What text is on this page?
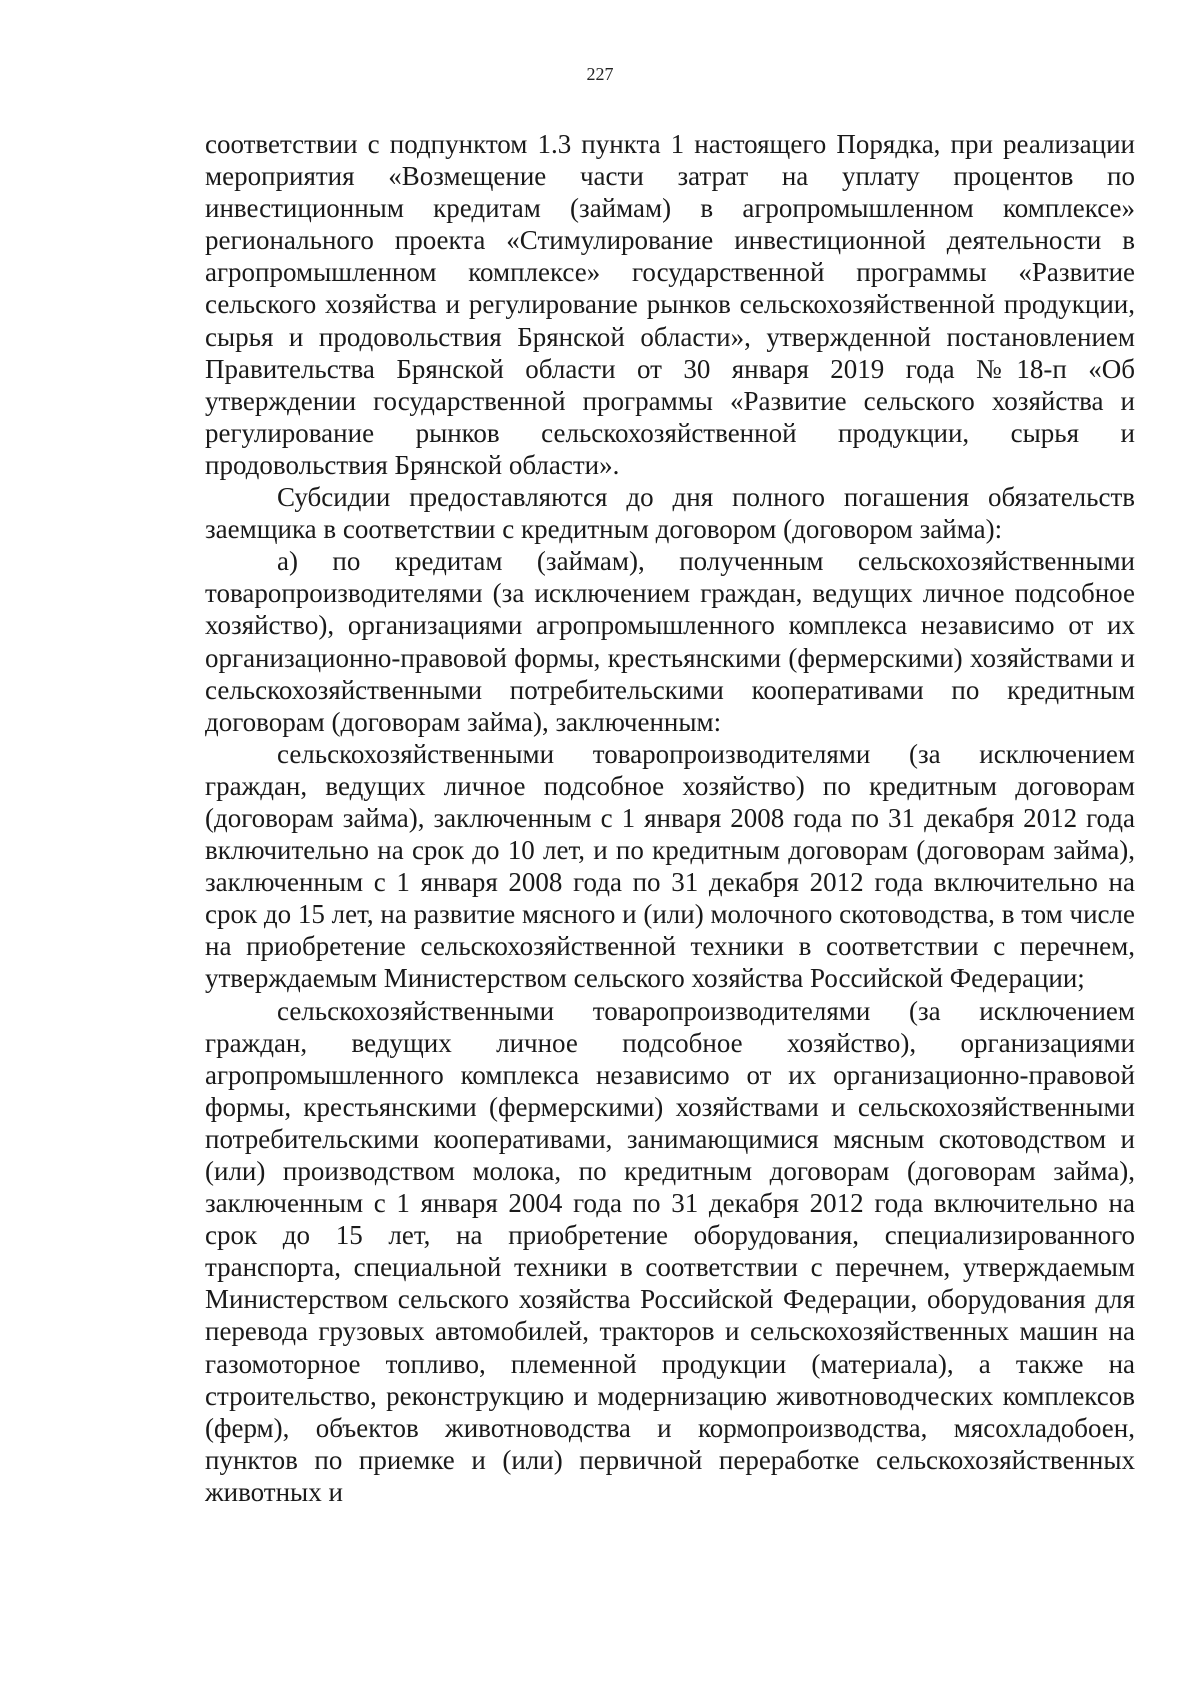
227

соответствии с подпунктом 1.3 пункта 1 настоящего Порядка, при реализации мероприятия «Возмещение части затрат на уплату процентов по инвестиционным кредитам (займам) в агропромышленном комплексе» регионального проекта «Стимулирование инвестиционной деятельности в агропромышленном комплексе» государственной программы «Развитие сельского хозяйства и регулирование рынков сельскохозяйственной продукции, сырья и продовольствия Брянской области», утвержденной постановлением Правительства Брянской области от 30 января 2019 года №18-п «Об утверждении государственной программы «Развитие сельского хозяйства и регулирование рынков сельскохозяйственной продукции, сырья и продовольствия Брянской области».

Субсидии предоставляются до дня полного погашения обязательств заемщика в соответствии с кредитным договором (договором займа):

а) по кредитам (займам), полученным сельскохозяйственными товаропроизводителями (за исключением граждан, ведущих личное подсобное хозяйство), организациями агропромышленного комплекса независимо от их организационно-правовой формы, крестьянскими (фермерскими) хозяйствами и сельскохозяйственными потребительскими кооперативами по кредитным договорам (договорам займа), заключенным:

сельскохозяйственными товаропроизводителями (за исключением граждан, ведущих личное подсобное хозяйство) по кредитным договорам (договорам займа), заключенным с 1 января 2008 года по 31 декабря 2012 года включительно на срок до 10 лет, и по кредитным договорам (договорам займа), заключенным с 1 января 2008 года по 31 декабря 2012 года включительно на срок до 15 лет, на развитие мясного и (или) молочного скотоводства, в том числе на приобретение сельскохозяйственной техники в соответствии с перечнем, утверждаемым Министерством сельского хозяйства Российской Федерации;

сельскохозяйственными товаропроизводителями (за исключением граждан, ведущих личное подсобное хозяйство), организациями агропромышленного комплекса независимо от их организационно-правовой формы, крестьянскими (фермерскими) хозяйствами и сельскохозяйственными потребительскими кооперативами, занимающимися мясным скотоводством и (или) производством молока, по кредитным договорам (договорам займа), заключенным с 1 января 2004 года по 31 декабря 2012 года включительно на срок до 15 лет, на приобретение оборудования, специализированного транспорта, специальной техники в соответствии с перечнем, утверждаемым Министерством сельского хозяйства Российской Федерации, оборудования для перевода грузовых автомобилей, тракторов и сельскохозяйственных машин на газомоторное топливо, племенной продукции (материала), а также на строительство, реконструкцию и модернизацию животноводческих комплексов (ферм), объектов животноводства и кормопроизводства, мясохладобоен, пунктов по приемке и (или) первичной переработке сельскохозяйственных животных и
